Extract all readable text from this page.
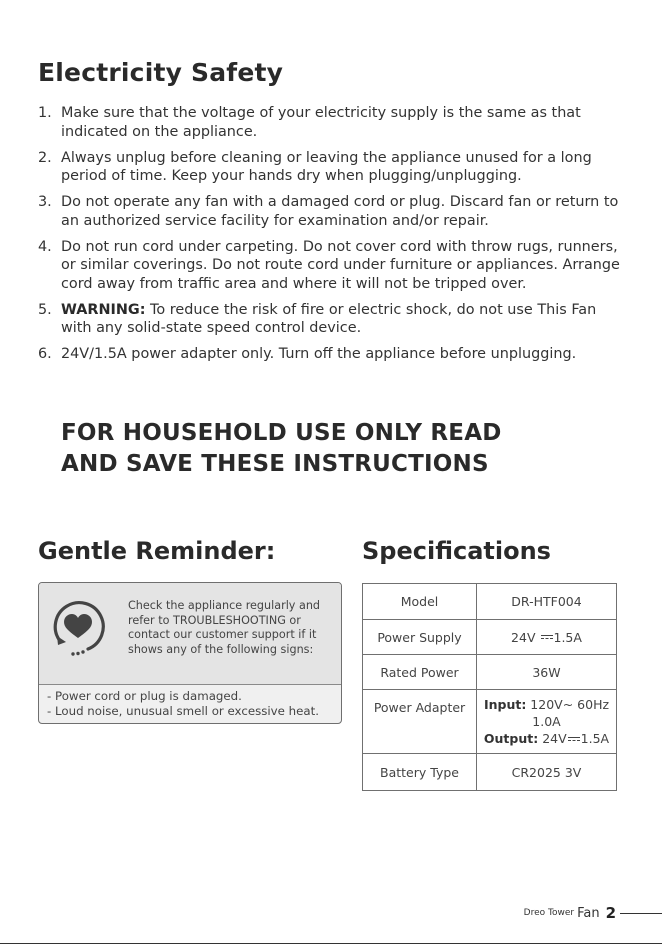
Electricity Safety
1. Make sure that the voltage of your electricity supply is the same as that indicated on the appliance.
2. Always unplug before cleaning or leaving the appliance unused for a long period of time. Keep your hands dry when plugging/unplugging.
3. Do not operate any fan with a damaged cord or plug. Discard fan or return to an authorized service facility for examination and/or repair.
4. Do not run cord under carpeting. Do not cover cord with throw rugs, runners, or similar coverings. Do not route cord under furniture or appliances. Arrange cord away from traffic area and where it will not be tripped over.
5. WARNING: To reduce the risk of fire or electric shock, do not use This Fan with any solid-state speed control device.
6. 24V/1.5A power adapter only. Turn off the appliance before unplugging.
FOR HOUSEHOLD USE ONLY READ
AND SAVE THESE INSTRUCTIONS
Gentle Reminder:
Check the appliance regularly and refer to TROUBLESHOOTING or contact our customer support if it shows any of the following signs:
- Power cord or plug is damaged.
- Loud noise, unusual smell or excessive heat.
Specifications
Model	DR-HTF004
Power Supply	24V 1.5A
Rated Power	36W
Power Adapter	Input: 120V~ 60Hz
1.0A
Output: 24V 1.5A

Battery Type	CR2025 3V
Dreo Tower Fan 2
